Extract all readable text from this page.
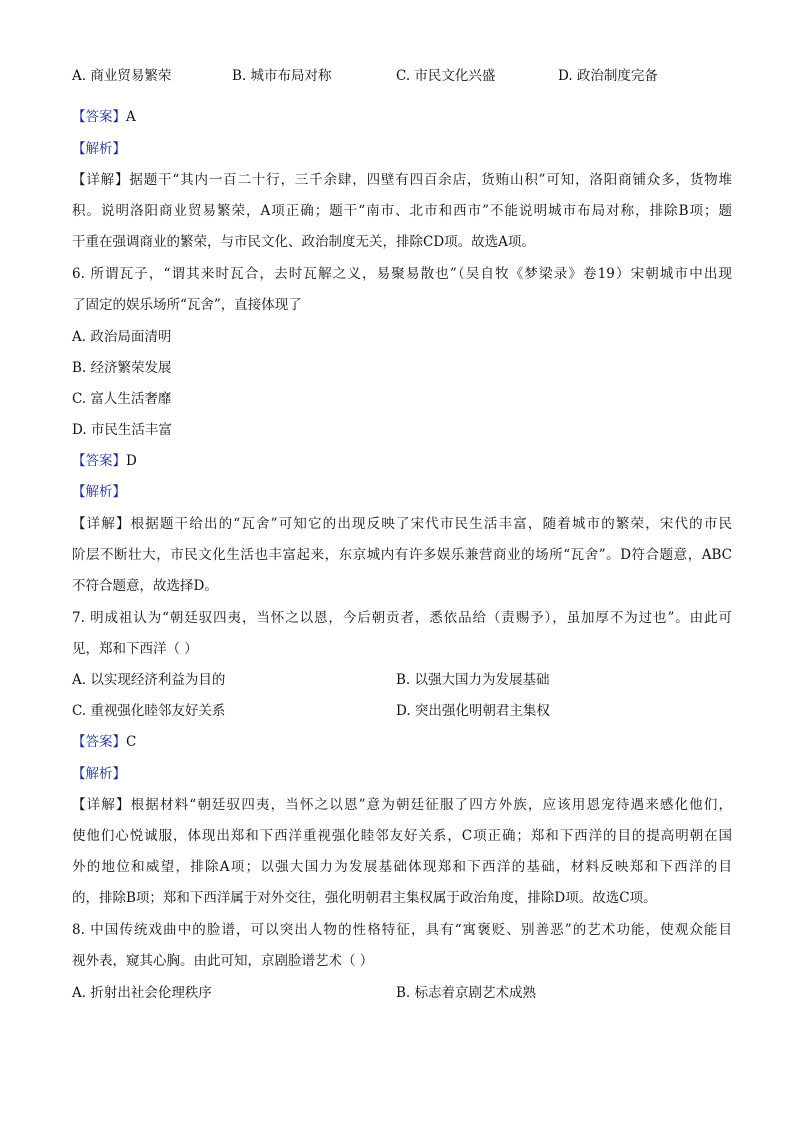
A. 商业贸易繁荣	B. 城市布局对称	C. 市民文化兴盛	D. 政治制度完备
【答案】A
【解析】
【详解】据题干“其内一百二十行，三千余肆，四壁有四百余店，货贿山积”可知，洛阳商铺众多，货物堆
积。说明洛阳商业贸易繁荣，A项正确；题干“南市、北市和西市”不能说明城市布局对称，排除B项；题
干重在强调商业的繁荣，与市民文化、政治制度无关，排除CD项。故选A项。
6. 所谓瓦子，“谓其来时瓦合，去时瓦解之义，易聚易散也”（吴自牧《梦梁录》卷19）宋朝城市中出现
了固定的娱乐场所“瓦舍”，直接体现了
A. 政治局面清明
B. 经济繁荣发展
C. 富人生活奢靡
D. 市民生活丰富
【答案】D
【解析】
【详解】根据题干给出的“瓦舍”可知它的出现反映了宋代市民生活丰富，随着城市的繁荣，宋代的市民
阶层不断壮大，市民文化生活也丰富起来，东京城内有许多娱乐兼营商业的场所“瓦舍”。D符合题意，ABC
不符合题意，故选择D。
7. 明成祖认为“朝廷驭四夷，当怀之以恩，今后朝贡者，悉依品给（责赐予），虽加厚不为过也”。由此可
见，郑和下西洋（ ）
A. 以实现经济利益为目的	B. 以强大国力为发展基础
C. 重视强化睦邻友好关系	D. 突出强化明朝君主集权
【答案】C
【解析】
【详解】根据材料“朝廷驭四夷，当怀之以恩”意为朝廷征服了四方外族，应该用恩宠待遇来感化他们，
使他们心悦诚服，体现出郑和下西洋重视强化睦邻友好关系，C项正确；郑和下西洋的目的提高明朝在国
外的地位和威望，排除A项；以强大国力为发展基础体现郑和下西洋的基础，材料反映郑和下西洋的目
的，排除B项；郑和下西洋属于对外交往，强化明朝君主集权属于政治角度，排除D项。故选C项。
8. 中国传统戏曲中的脸谱，可以突出人物的性格特征，具有“寓褒贬、别善恶”的艺术功能，使观众能目
视外表，窥其心胸。由此可知，京剧脸谱艺术（ ）
A. 折射出社会伦理秩序	B. 标志着京剧艺术成熟
